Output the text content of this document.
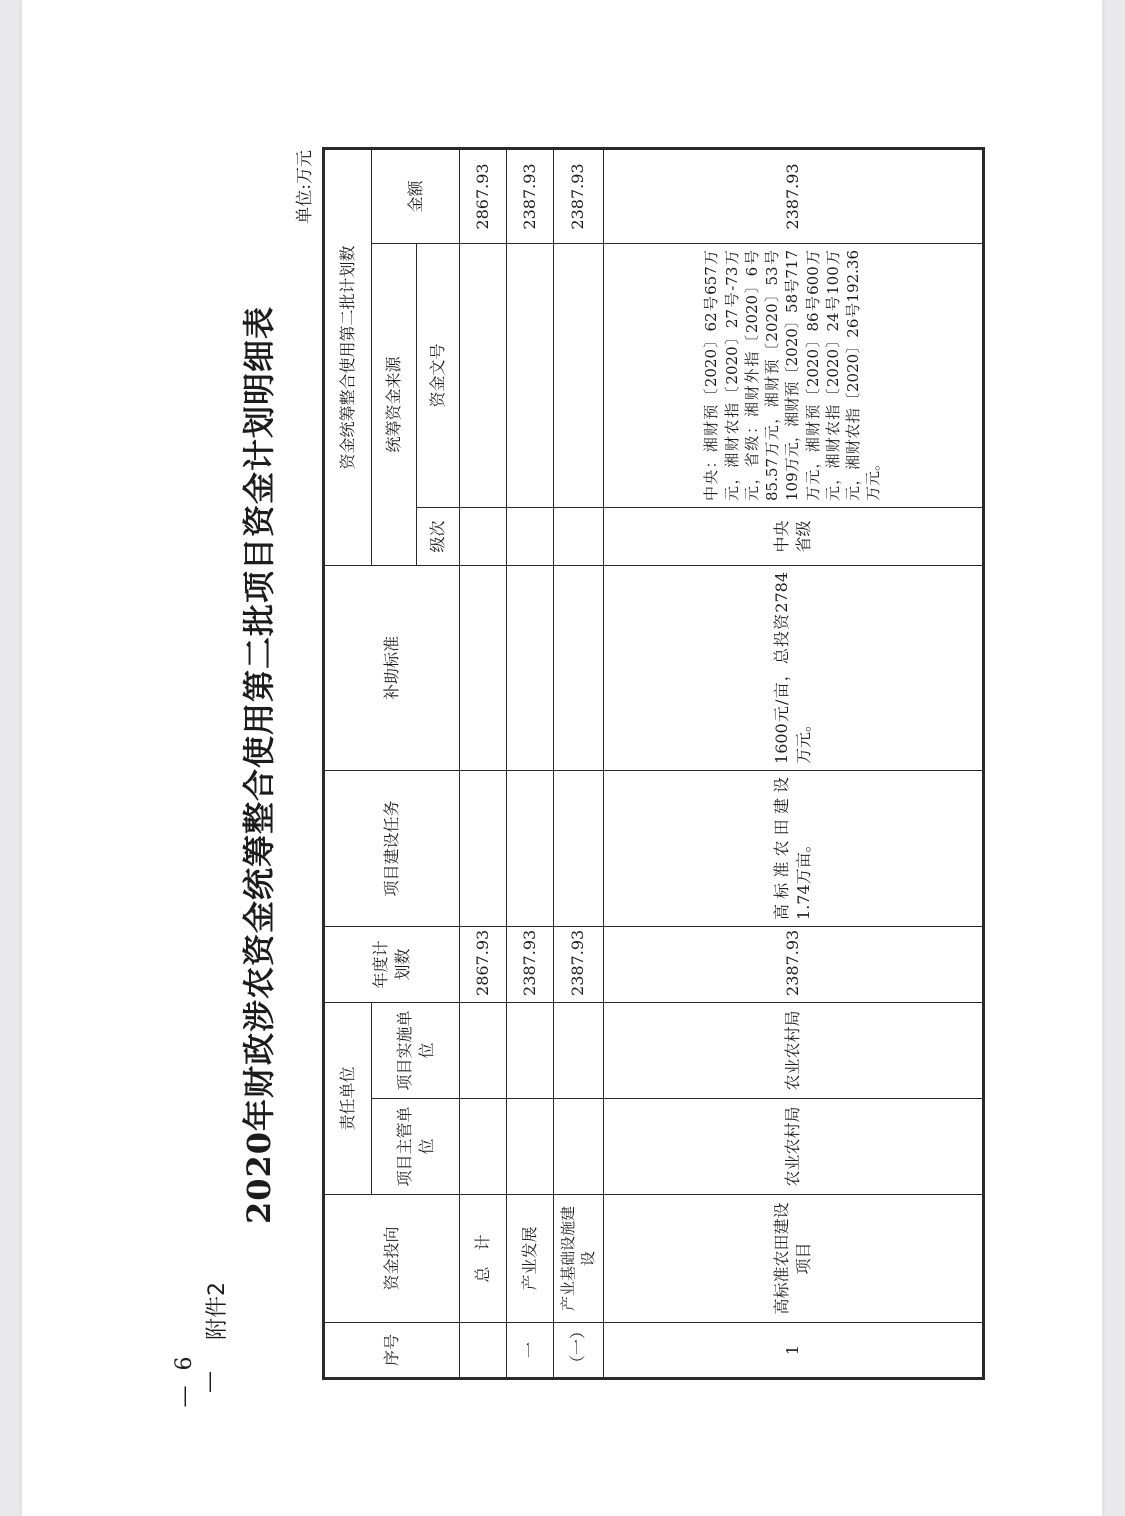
— 6 —
附件2
2020年财政涉农资金统筹整合使用第二批项目资金计划明细表
单位:万元
序号	资金投向	责任单位		年度计划数	项目建设任务	补助标准	资金统筹整合使用第二批计划数		
		项目主管单位	项目实施单位				统筹资金来源		金额
							级次	资金文号	
	总　计			2867.93					2867.93
一	产业发展			2387.93					2387.93
（一）	产业基础设施建设			2387.93					2387.93
1	高标准农田建设项目	农业农村局	农业农村局	2387.93	高标准农田建设1.74万亩。	1600元/亩，总投资2784万元。	中央省级	中央：湘财预〔2020〕62号657万元，湘财农指〔2020〕27号-73万元，省级：湘财外指〔2020〕6号85.57万元，湘财预〔2020〕53号109万元，湘财预〔2020〕58号717万元，湘财预〔2020〕86号600万元，湘财农指〔2020〕24号100万元，湘财农指〔2020〕26号192.36万元。	2387.93
